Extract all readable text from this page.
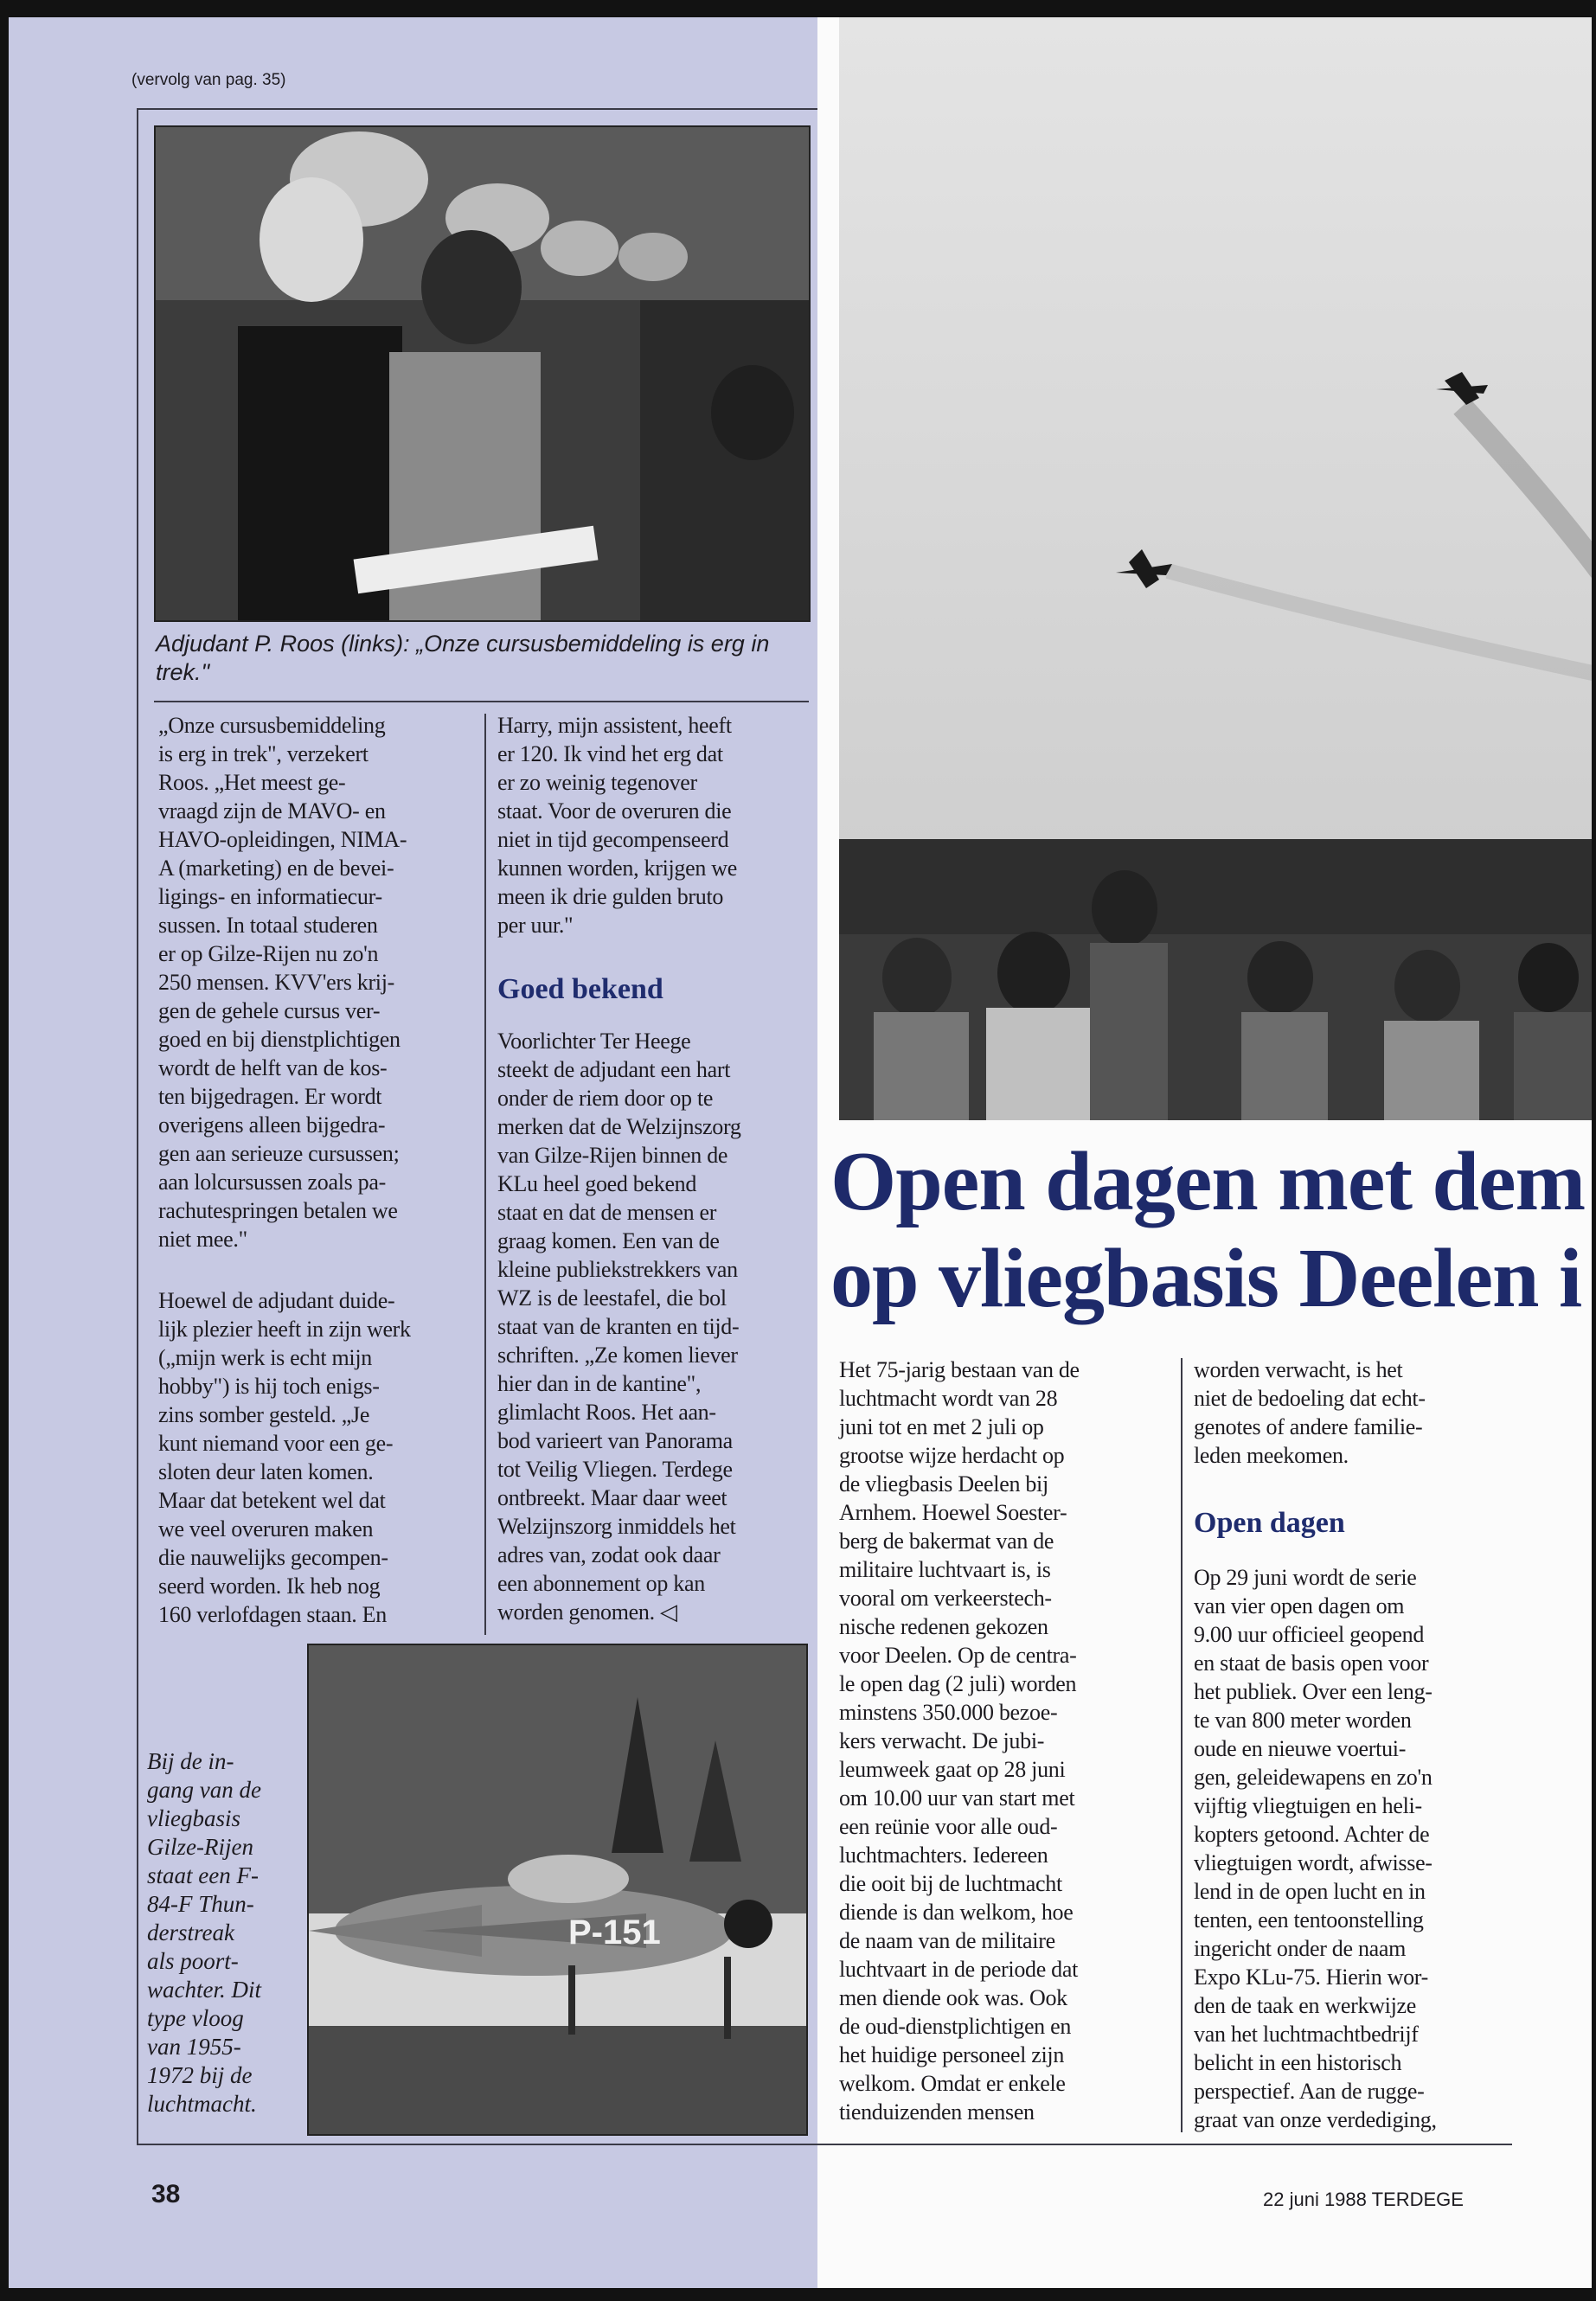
(vervolg van pag. 35)
Adjudant P. Roos (links): „Onze cursusbemiddeling is erg in trek."

„Onze cursusbemiddeling
is erg in trek", verzekert
Roos. „Het meest ge-
vraagd zijn de MAVO- en
HAVO-opleidingen, NIMA-
A (marketing) en de bevei-
ligings- en informatiecur-
sussen. In totaal studeren
er op Gilze-Rijen nu zo'n
250 mensen. KVV'ers krij-
gen de gehele cursus ver-
goed en bij dienstplichtigen
wordt de helft van de kos-
ten bijgedragen. Er wordt
overigens alleen bijgedra-
gen aan serieuze cursussen;
aan lolcursussen zoals pa-
rachutespringen betalen we
niet mee."

Hoewel de adjudant duide-
lijk plezier heeft in zijn werk
(„mijn werk is echt mijn
hobby") is hij toch enigs-
zins somber gesteld. „Je
kunt niemand voor een ge-
sloten deur laten komen.
Maar dat betekent wel dat
we veel overuren maken
die nauwelijks gecompen-
seerd worden. Ik heb nog
160 verlofdagen staan. En

Harry, mijn assistent, heeft
er 120. Ik vind het erg dat
er zo weinig tegenover
staat. Voor de overuren die
niet in tijd gecompenseerd
kunnen worden, krijgen we
meen ik drie gulden bruto
per uur."

Goed bekend

Voorlichter Ter Heege
steekt de adjudant een hart
onder de riem door op te
merken dat de Welzijnszorg
van Gilze-Rijen binnen de
KLu heel goed bekend
staat en dat de mensen er
graag komen. Een van de
kleine publiekstrekkers van
WZ is de leestafel, die bol
staat van de kranten en tijd-
schriften. „Ze komen liever
hier dan in de kantine",
glimlacht Roos. Het aan-
bod varieert van Panorama
tot Veilig Vliegen. Terdege
ontbreekt. Maar daar weet
Welzijnszorg inmiddels het
adres van, zodat ook daar
een abonnement op kan
worden genomen. ◁

P-151
Bij de in-
gang van de
vliegbasis
Gilze-Rijen
staat een F-
84-F Thun-
derstreak
als poort-
wachter. Dit
type vloog
van 1955-
1972 bij de
luchtmacht.
Open dagen met dem
op vliegbasis Deelen i

Het 75-jarig bestaan van de
luchtmacht wordt van 28
juni tot en met 2 juli op
grootse wijze herdacht op
de vliegbasis Deelen bij
Arnhem. Hoewel Soester-
berg de bakermat van de
militaire luchtvaart is, is
vooral om verkeerstech-
nische redenen gekozen
voor Deelen. Op de centra-
le open dag (2 juli) worden
minstens 350.000 bezoe-
kers verwacht. De jubi-
leumweek gaat op 28 juni
om 10.00 uur van start met
een reünie voor alle oud-
luchtmachters. Iedereen
die ooit bij de luchtmacht
diende is dan welkom, hoe
de naam van de militaire
luchtvaart in de periode dat
men diende ook was. Ook
de oud-dienstplichtigen en
het huidige personeel zijn
welkom. Omdat er enkele
tienduizenden mensen

worden verwacht, is het
niet de bedoeling dat echt-
genotes of andere familie-
leden meekomen.

Open dagen

Op 29 juni wordt de serie
van vier open dagen om
9.00 uur officieel geopend
en staat de basis open voor
het publiek. Over een leng-
te van 800 meter worden
oude en nieuwe voertui-
gen, geleidewapens en zo'n
vijftig vliegtuigen en heli-
kopters getoond. Achter de
vliegtuigen wordt, afwisse-
lend in de open lucht en in
tenten, een tentoonstelling
ingericht onder de naam
Expo KLu-75. Hierin wor-
den de taak en werkwijze
van het luchtmachtbedrijf
belicht in een historisch
perspectief. Aan de rugge-
graat van onze verdediging,

38	22 juni 1988 TERDEGE
